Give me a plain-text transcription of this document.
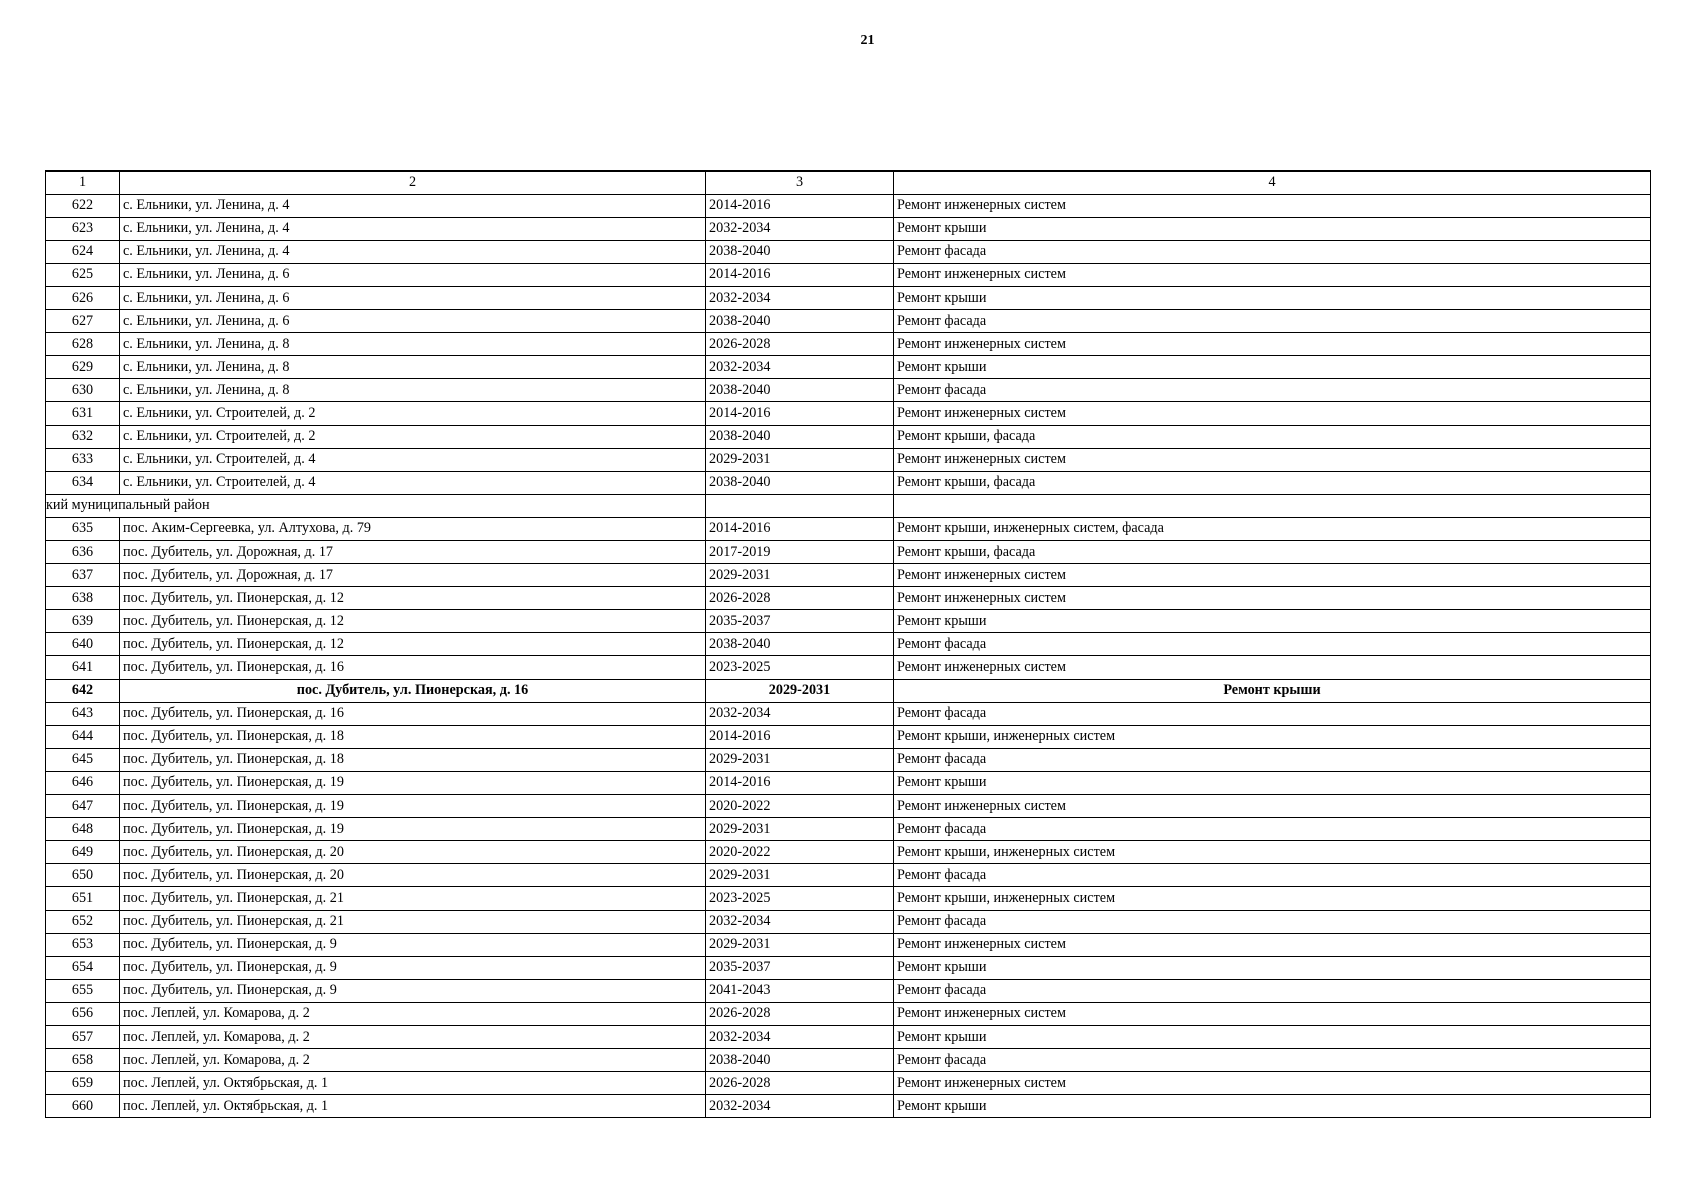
21
1	2	3	4
622	с. Ельники, ул. Ленина, д. 4	2014-2016	Ремонт инженерных систем
623	с. Ельники, ул. Ленина, д. 4	2032-2034	Ремонт крыши
624	с. Ельники, ул. Ленина, д. 4	2038-2040	Ремонт фасада
625	с. Ельники, ул. Ленина, д. 6	2014-2016	Ремонт инженерных систем
626	с. Ельники, ул. Ленина, д. 6	2032-2034	Ремонт крыши
627	с. Ельники, ул. Ленина, д. 6	2038-2040	Ремонт фасада
628	с. Ельники, ул. Ленина, д. 8	2026-2028	Ремонт инженерных систем
629	с. Ельники, ул. Ленина, д. 8	2032-2034	Ремонт крыши
630	с. Ельники, ул. Ленина, д. 8	2038-2040	Ремонт фасада
631	с. Ельники, ул. Строителей, д. 2	2014-2016	Ремонт инженерных систем
632	с. Ельники, ул. Строителей, д. 2	2038-2040	Ремонт крыши, фасада
633	с. Ельники, ул. Строителей, д. 4	2029-2031	Ремонт инженерных систем
634	с. Ельники, ул. Строителей, д. 4	2038-2040	Ремонт крыши, фасада
кий муниципальный район			
635	пос. Аким-Сергеевка, ул. Алтухова, д. 79	2014-2016	Ремонт крыши, инженерных систем, фасада
636	пос. Дубитель, ул. Дорожная, д. 17	2017-2019	Ремонт крыши, фасада
637	пос. Дубитель, ул. Дорожная, д. 17	2029-2031	Ремонт инженерных систем
638	пос. Дубитель, ул. Пионерская, д. 12	2026-2028	Ремонт инженерных систем
639	пос. Дубитель, ул. Пионерская, д. 12	2035-2037	Ремонт крыши
640	пос. Дубитель, ул. Пионерская, д. 12	2038-2040	Ремонт фасада
641	пос. Дубитель, ул. Пионерская, д. 16	2023-2025	Ремонт инженерных систем
642	пос. Дубитель, ул. Пионерская, д. 16	2029-2031	Ремонт крыши
643	пос. Дубитель, ул. Пионерская, д. 16	2032-2034	Ремонт фасада
644	пос. Дубитель, ул. Пионерская, д. 18	2014-2016	Ремонт крыши, инженерных систем
645	пос. Дубитель, ул. Пионерская, д. 18	2029-2031	Ремонт фасада
646	пос. Дубитель, ул. Пионерская, д. 19	2014-2016	Ремонт крыши
647	пос. Дубитель, ул. Пионерская, д. 19	2020-2022	Ремонт инженерных систем
648	пос. Дубитель, ул. Пионерская, д. 19	2029-2031	Ремонт фасада
649	пос. Дубитель, ул. Пионерская, д. 20	2020-2022	Ремонт крыши, инженерных систем
650	пос. Дубитель, ул. Пионерская, д. 20	2029-2031	Ремонт фасада
651	пос. Дубитель, ул. Пионерская, д. 21	2023-2025	Ремонт крыши, инженерных систем
652	пос. Дубитель, ул. Пионерская, д. 21	2032-2034	Ремонт фасада
653	пос. Дубитель, ул. Пионерская, д. 9	2029-2031	Ремонт инженерных систем
654	пос. Дубитель, ул. Пионерская, д. 9	2035-2037	Ремонт крыши
655	пос. Дубитель, ул. Пионерская, д. 9	2041-2043	Ремонт фасада
656	пос. Леплей, ул. Комарова, д. 2	2026-2028	Ремонт инженерных систем
657	пос. Леплей, ул. Комарова, д. 2	2032-2034	Ремонт крыши
658	пос. Леплей, ул. Комарова, д. 2	2038-2040	Ремонт фасада
659	пос. Леплей, ул. Октябрьская, д. 1	2026-2028	Ремонт инженерных систем
660	пос. Леплей, ул. Октябрьская, д. 1	2032-2034	Ремонт крыши
